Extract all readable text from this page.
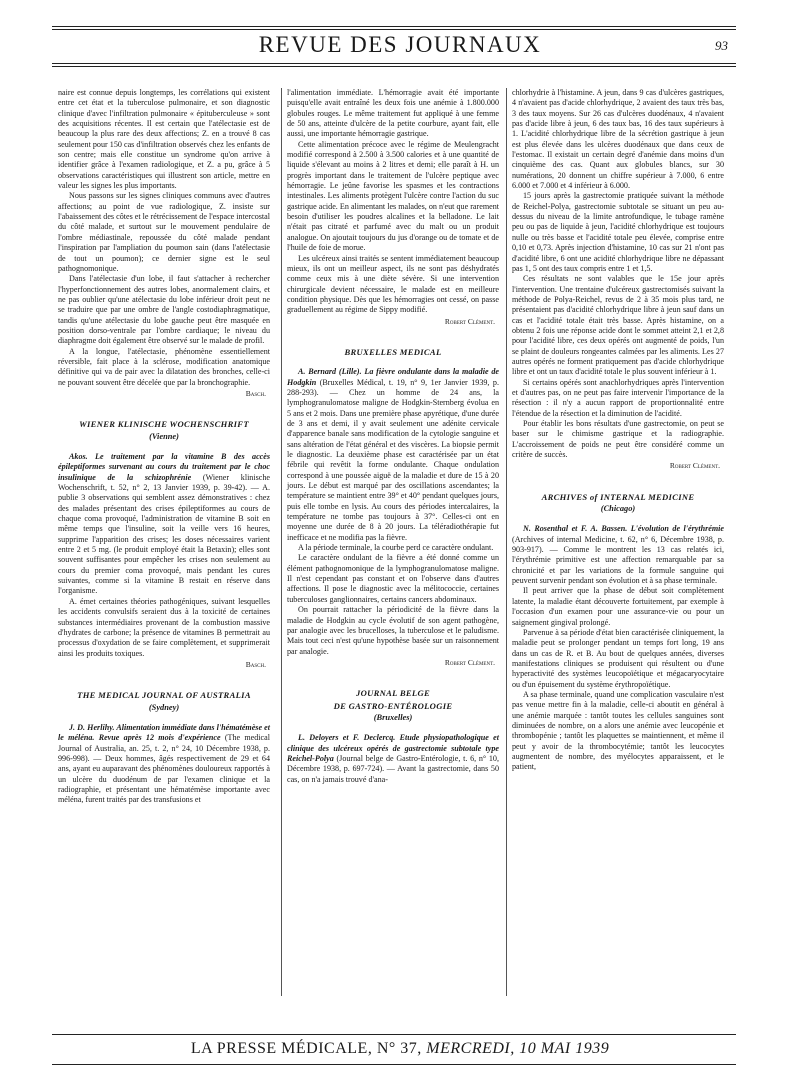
REVUE DES JOURNAUX	93

naire est connue depuis longtemps, les corrélations qui existent entre cet état et la tuberculose pulmonaire, et son diagnostic clinique d'avec l'infiltration pulmonaire « épituberculeuse » sont des acquisitions récentes. Il est certain que l'atélectasie est de beaucoup la plus rare des deux affections; Z. en a trouvé 8 cas seulement pour 150 cas d'infiltration observés chez les enfants de son centre; mais elle constitue un syndrome qu'on arrive à identifier grâce à l'examen radiologique, et Z. a pu, grâce à 5 observations caractéristiques qui illustrent son article, mettre en valeur les signes les plus importants.

Nous passons sur les signes cliniques communs avec d'autres affections; au point de vue radiologique, Z. insiste sur l'abaissement des côtes et le rétrécissement de l'espace intercostal du côté malade, et surtout sur le mouvement pendulaire de l'ombre médiastinale, repoussée du côté malade pendant l'inspiration par l'ampliation du poumon sain (dans l'atélectasie de tout un poumon); ce dernier signe est le seul pathognomonique.

Dans l'atélectasie d'un lobe, il faut s'attacher à rechercher l'hyperfonctionnement des autres lobes, anormalement clairs, et ne pas oublier qu'une atélectasie du lobe inférieur droit peut ne se traduire que par une ombre de l'angle costodiaphragmatique, tandis qu'une atélectasie du lobe gauche peut être masquée en position dorso-ventrale par l'ombre cardiaque; le niveau du diaphragme doit également être observé sur le malade de profil.

A la longue, l'atélectasie, phénomène essentiellement réversible, fait place à la sclérose, modification anatomique définitive qui va de pair avec la dilatation des bronches, celle-ci ne pouvant souvent être décelée que par la bronchographie.

Basch.
WIENER KLINISCHE WOCHENSCHRIFT
(Vienne)

Akos. Le traitement par la vitamine B des accès épileptiformes survenant au cours du traitement par le choc insulinique de la schizophrénie (Wiener klinische Wochenschrift, t. 52, n° 2, 13 Janvier 1939, p. 39-42). — A. publie 3 observations qui semblent assez démonstratives : chez des malades présentant des crises épileptiformes au cours de chaque coma provoqué, l'administration de vitamine B soit en même temps que l'insuline, soit la veille vers 16 heures, supprime l'apparition des crises; les doses nécessaires varient entre 2 et 5 mg. (le produit employé était la Betaxin); elles sont souvent suffisantes pour empêcher les crises non seulement au cours du premier coma provoqué, mais pendant les cures suivantes, comme si la vitamine B restait en réserve dans l'organisme.

A. émet certaines théories pathogéniques, suivant lesquelles les accidents convulsifs seraient dus à la toxicité de certaines substances intermédiaires provenant de la combustion massive d'hydrates de carbone; la présence de vitamines B permettrait au processus d'oxydation de se faire complètement, et supprimerait ainsi les produits toxiques.

Basch.
THE MEDICAL JOURNAL OF AUSTRALIA
(Sydney)

J. D. Herlihy. Alimentation immédiate dans l'hématémèse et le méléna. Revue après 12 mois d'expérience (The medical Journal of Australia, an. 25, t. 2, n° 24, 10 Décembre 1938, p. 996-998). — Deux hommes, âgés respectivement de 29 et 64 ans, ayant eu auparavant des phénomènes douloureux rapportés à un ulcère du duodénum de par l'examen clinique et la radiographie, et présentant une hématémèse importante avec méléna, furent traités par des transfusions et

l'alimentation immédiate. L'hémorragie avait été importante puisqu'elle avait entraîné les deux fois une anémie à 1.800.000 globules rouges. Le même traitement fut appliqué à une femme de 50 ans, atteinte d'ulcère de la petite courbure, ayant fait, elle aussi, une importante hémorragie gastrique.

Cette alimentation précoce avec le régime de Meulengracht modifié correspond à 2.500 à 3.500 calories et à une quantité de liquide s'élevant au moins à 2 litres et demi; elle paraît à H. un progrès important dans le traitement de l'ulcère peptique avec hémorragie. Le jeûne favorise les spasmes et les contractions intestinales. Les aliments protègent l'ulcère contre l'action du suc gastrique acide. En alimentant les malades, on n'eut que rarement besoin d'utiliser les poudres alcalines et la belladone. Le lait n'était pas citraté et parfumé avec du malt ou un produit analogue. On ajoutait toujours du jus d'orange ou de tomate et de l'huile de foie de morue.

Les ulcéreux ainsi traités se sentent immédiatement beaucoup mieux, ils ont un meilleur aspect, ils ne sont pas déshydratés comme ceux mis à une diète sévère. Si une intervention chirurgicale devient nécessaire, le malade est en meilleure condition physique. Dès que les hémorragies ont cessé, on passe graduellement au régime de Sippy modifié.

Robert Clément.
BRUXELLES MEDICAL

A. Bernard (Lille). La fièvre ondulante dans la maladie de Hodgkin (Bruxelles Médical, t. 19, n° 9, 1er Janvier 1939, p. 288-293). — Chez un homme de 24 ans, la lymphogranulomatose maligne de Hodgkin-Sternberg évolua en 5 ans et 2 mois. Dans une première phase apyrétique, d'une durée de 3 ans et demi, il y avait seulement une adénite cervicale d'apparence banale sans modification de la cytologie sanguine et sans altération de l'état général et des viscères. La biopsie permit le diagnostic. La deuxième phase est caractérisée par un état fébrile qui revêtit la forme ondulante. Chaque ondulation correspond à une poussée aiguë de la maladie et dure de 15 à 20 jours. Le début est marqué par des oscillations ascendantes; la température se maintient entre 39° et 40° pendant quelques jours, puis elle tombe en lysis. Au cours des périodes intercalaires, la température ne tombe pas toujours à 37°. Celles-ci ont en moyenne une durée de 8 à 20 jours. La téléradiothérapie fut inefficace et ne modifia pas la fièvre.

A la période terminale, la courbe perd ce caractère ondulant.

Le caractère ondulant de la fièvre a été donné comme un élément pathognomonique de la lymphogranulomatose maligne. Il n'est cependant pas constant et on l'observe dans d'autres affections. Il pose le diagnostic avec la mélitococcie, certaines tuberculoses ganglionnaires, certains cancers abdominaux.

On pourrait rattacher la périodicité de la fièvre dans la maladie de Hodgkin au cycle évolutif de son agent pathogène, par analogie avec les brucelloses, la tuberculose et le paludisme. Mais tout ceci n'est qu'une hypothèse basée sur un raisonnement par analogie.

Robert Clément.
JOURNAL BELGE
DE GASTRO-ENTÉROLOGIE
(Bruxelles)

L. Deloyers et F. Declercq. Etude physiopathologique et clinique des ulcéreux opérés de gastrectomie subtotale type Reichel-Polya (Journal belge de Gastro-Entérologie, t. 6, n° 10, Décembre 1938, p. 697-724). — Avant la gastrectomie, dans 50 cas, on n'a jamais trouvé d'ana-

chlorhydrie à l'histamine. A jeun, dans 9 cas d'ulcères gastriques, 4 n'avaient pas d'acide chlorhydrique, 2 avaient des taux très bas, 3 des taux moyens. Sur 26 cas d'ulcères duodénaux, 4 n'avaient pas d'acide libre à jeun, 6 des taux bas, 16 des taux supérieurs à 1. L'acidité chlorhydrique libre de la sécrétion gastrique à jeun est plus élevée dans les ulcères duodénaux que dans ceux de l'estomac. Il existait un certain degré d'anémie dans moins d'un cinquième des cas. Quant aux globules blancs, sur 30 numérations, 20 donnent un chiffre supérieur à 7.000, 6 entre 6.000 et 7.000 et 4 inférieur à 6.000.

15 jours après la gastrectomie pratiquée suivant la méthode de Reichel-Polya, gastrectomie subtotale se situant un peu au-dessus du niveau de la limite antrofundique, le tubage ramène peu ou pas de liquide à jeun, l'acidité chlorhydrique est toujours nulle ou très basse et l'acidité totale peu élevée, comprise entre 0,10 et 0,73. Après injection d'histamine, 10 cas sur 21 n'ont pas d'acidité libre, 6 ont une acidité chlorhydrique libre ne dépassant pas 1, 5 ont des taux compris entre 1 et 1,5.

Ces résultats ne sont valables que le 15e jour après l'intervention. Une trentaine d'ulcéreux gastrectomisés suivant la méthode de Polya-Reichel, revus de 2 à 35 mois plus tard, ne présentaient pas d'acidité chlorhydrique libre à jeun sauf dans un cas et l'acidité totale était très basse. Après histamine, on a obtenu 2 fois une réponse acide dont le sommet atteint 2,1 et 2,8 pour l'acidité libre, ces deux opérés ont augmenté de poids, l'un se plaint de douleurs rongeantes calmées par les aliments. Les 27 autres opérés ne forment pratiquement pas d'acide chlorhydrique libre et ont un taux d'acidité totale le plus souvent inférieur à 1.

Si certains opérés sont anachlorhydriques après l'intervention et d'autres pas, on ne peut pas faire intervenir l'importance de la résection : il n'y a aucun rapport de proportionnalité entre l'étendue de la résection et la diminution de l'acidité.

Pour établir les bons résultats d'une gastrectomie, on peut se baser sur le chimisme gastrique et la radiographie. L'accroissement de poids ne peut être considéré comme un critère de succès.

Robert Clément.
ARCHIVES of INTERNAL MEDICINE
(Chicago)

N. Rosenthal et F. A. Bassen. L'évolution de l'érythrémie (Archives of internal Medicine, t. 62, n° 6, Décembre 1938, p. 903-917). — Comme le montrent les 13 cas relatés ici, l'érythrémie primitive est une affection remarquable par sa chronicité et par les variations de la formule sanguine qui peuvent survenir pendant son évolution et à sa phase terminale.

Il peut arriver que la phase de début soit complètement latente, la maladie étant découverte fortuitement, par exemple à l'occasion d'un examen pour une assurance-vie ou pour un saignement gingival prolongé.

Parvenue à sa période d'état bien caractérisée cliniquement, la maladie peut se prolonger pendant un temps fort long, 19 ans dans un cas de R. et B. Au bout de quelques années, diverses manifestations cliniques se produisent qui résultent ou d'une hyperactivité des systèmes leucopoïétique et mégacaryocytaire ou d'un épuisement du système érythropoïétique.

A sa phase terminale, quand une complication vasculaire n'est pas venue mettre fin à la maladie, celle-ci aboutit en général à une anémie marquée : tantôt toutes les cellules sanguines sont diminuées de nombre, on a alors une anémie avec leucopénie et thrombopénie ; tantôt les plaquettes se maintiennent, et même il peut y avoir de la thrombocytémie; tantôt les leucocytes augmentent de nombre, des myélocytes apparaissent, et le patient,

LA PRESSE MÉDICALE, N° 37, MERCREDI, 10 MAI 1939
